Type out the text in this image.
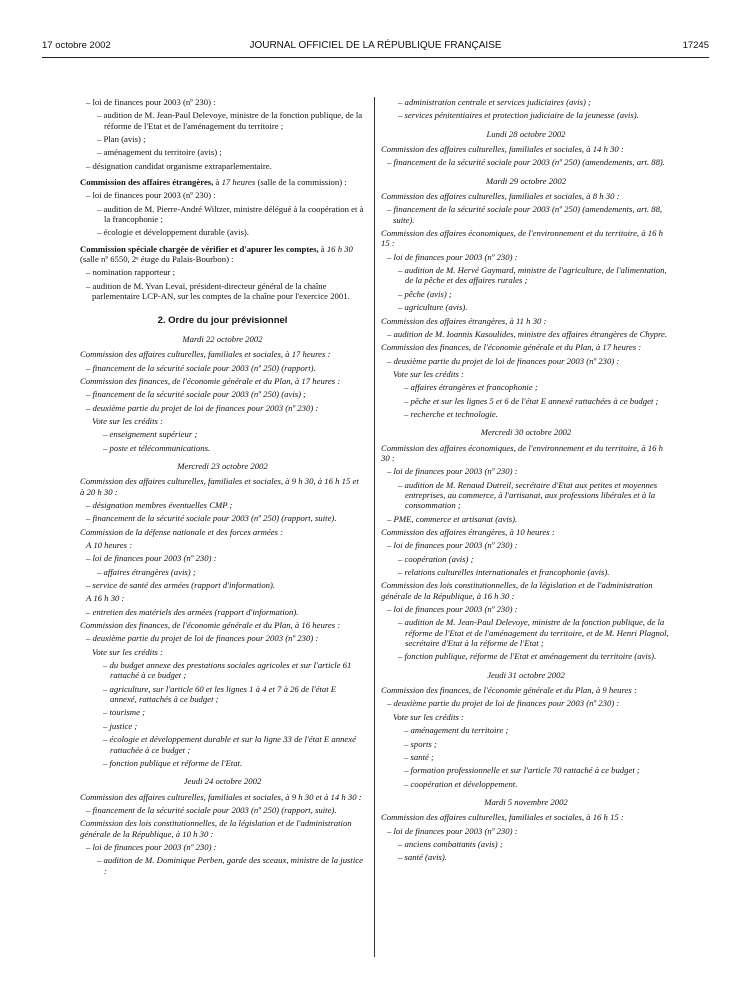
17 octobre 2002	JOURNAL OFFICIEL DE LA RÉPUBLIQUE FRANÇAISE	17245

– loi de finances pour 2003 (nº 230) :

– audition de M. Jean-Paul Delevoye, ministre de la fonction publique, de la réforme de l'Etat et de l'aménagement du territoire ;

– Plan (avis) ;

– aménagement du territoire (avis) ;

– désignation candidat organisme extraparlementaire.

Commission des affaires étrangères, à 17 heures (salle de la commission) :

– loi de finances pour 2003 (nº 230) :

– audition de M. Pierre-André Wiltzer, ministre délégué à la coopération et à la francophonie ;

– écologie et développement durable (avis).

Commission spéciale chargée de vérifier et d'apurer les comptes, à 16 h 30 (salle nº 6550, 2ᵉ étage du Palais-Bourbon) :

– nomination rapporteur ;

– audition de M. Yvan Levaï, président-directeur général de la chaîne parlementaire LCP-AN, sur les comptes de la chaîne pour l'exercice 2001.

2. Ordre du jour prévisionnel
Mardi 22 octobre 2002

Commission des affaires culturelles, familiales et sociales, à 17 heures :

– financement de la sécurité sociale pour 2003 (nº 250) (rapport).

Commission des finances, de l'économie générale et du Plan, à 17 heures :

– financement de la sécurité sociale pour 2003 (nº 250) (avis) ;

– deuxième partie du projet de loi de finances pour 2003 (nº 230) :

Vote sur les crédits :

– enseignement supérieur ;

– poste et télécommunications.

Mercredi 23 octobre 2002

Commission des affaires culturelles, familiales et sociales, à 9 h 30, à 16 h 15 et à 20 h 30 :

– désignation membres éventuelles CMP ;

– financement de la sécurité sociale pour 2003 (nº 250) (rapport, suite).

Commission de la défense nationale et des forces armées :

A 10 heures :

– loi de finances pour 2003 (nº 230) :

– affaires étrangères (avis) ;

– service de santé des armées (rapport d'information).

A 16 h 30 :

– entretien des matériels des armées (rapport d'information).

Commission des finances, de l'économie générale et du Plan, à 16 heures :

– deuxième partie du projet de loi de finances pour 2003 (nº 230) :

Vote sur les crédits :

– du budget annexe des prestations sociales agricoles et sur l'article 61 rattaché à ce budget ;

– agriculture, sur l'article 60 et les lignes 1 à 4 et 7 à 26 de l'état E annexé, rattachés à ce budget ;

– tourisme ;

– justice ;

– écologie et développement durable et sur la ligne 33 de l'état E annexé rattachée à ce budget ;

– fonction publique et réforme de l'Etat.

Jeudi 24 octobre 2002

Commission des affaires culturelles, familiales et sociales, à 9 h 30 et à 14 h 30 :

– financement de la sécurité sociale pour 2003 (nº 250) (rapport, suite).

Commission des lois constitutionnelles, de la législation et de l'administration générale de la République, à 10 h 30 :

– loi de finances pour 2003 (nº 230) :

– audition de M. Dominique Perben, garde des sceaux, ministre de la justice :

– administration centrale et services judiciaires (avis) ;

– services pénitentiaires et protection judiciaire de la jeunesse (avis).

Lundi 28 octobre 2002

Commission des affaires culturelles, familiales et sociales, à 14 h 30 :

– financement de la sécurité sociale pour 2003 (nº 250) (amendements, art. 88).

Mardi 29 octobre 2002

Commission des affaires culturelles, familiales et sociales, à 8 h 30 :

– financement de la sécurité sociale pour 2003 (nº 250) (amendements, art. 88, suite).

Commission des affaires économiques, de l'environnement et du territoire, à 16 h 15 :

– loi de finances pour 2003 (nº 230) :

– audition de M. Hervé Gaymard, ministre de l'agriculture, de l'alimentation, de la pêche et des affaires rurales ;

– pêche (avis) ;

– agriculture (avis).

Commission des affaires étrangères, à 11 h 30 :

– audition de M. Ioannis Kasoulides, ministre des affaires étrangères de Chypre.

Commission des finances, de l'économie générale et du Plan, à 17 heures :

– deuxième partie du projet de loi de finances pour 2003 (nº 230) :

Vote sur les crédits :

– affaires étrangères et francophonie ;

– pêche et sur les lignes 5 et 6 de l'état E annexé rattachées à ce budget ;

– recherche et technologie.

Mercredi 30 octobre 2002

Commission des affaires économiques, de l'environnement et du territoire, à 16 h 30 :

– loi de finances pour 2003 (nº 230) :

– audition de M. Renaud Dutreil, secrétaire d'Etat aux petites et moyennes entreprises, au commerce, à l'artisanat, aux professions libérales et à la consommation ;

– PME, commerce et artisanat (avis).

Commission des affaires étrangères, à 10 heures :

– loi de finances pour 2003 (nº 230) :

– coopération (avis) ;

– relations culturelles internationales et francophonie (avis).

Commission des lois constitutionnelles, de la législation et de l'administration générale de la République, à 16 h 30 :

– loi de finances pour 2003 (nº 230) :

– audition de M. Jean-Paul Delevoye, ministre de la fonction publique, de la réforme de l'Etat et de l'aménagement du territoire, et de M. Henri Plagnol, secrétaire d'Etat à la réforme de l'Etat ;

– fonction publique, réforme de l'Etat et aménagement du territoire (avis).

Jeudi 31 octobre 2002

Commission des finances, de l'économie générale et du Plan, à 9 heures :

– deuxième partie du projet de loi de finances pour 2003 (nº 230) :

Vote sur les crédits :

– aménagement du territoire ;

– sports ;

– santé ;

– formation professionnelle et sur l'article 70 rattaché à ce budget ;

– coopération et développement.

Mardi 5 novembre 2002

Commission des affaires culturelles, familiales et sociales, à 16 h 15 :

– loi de finances pour 2003 (nº 230) :

– anciens combattants (avis) ;

– santé (avis).
